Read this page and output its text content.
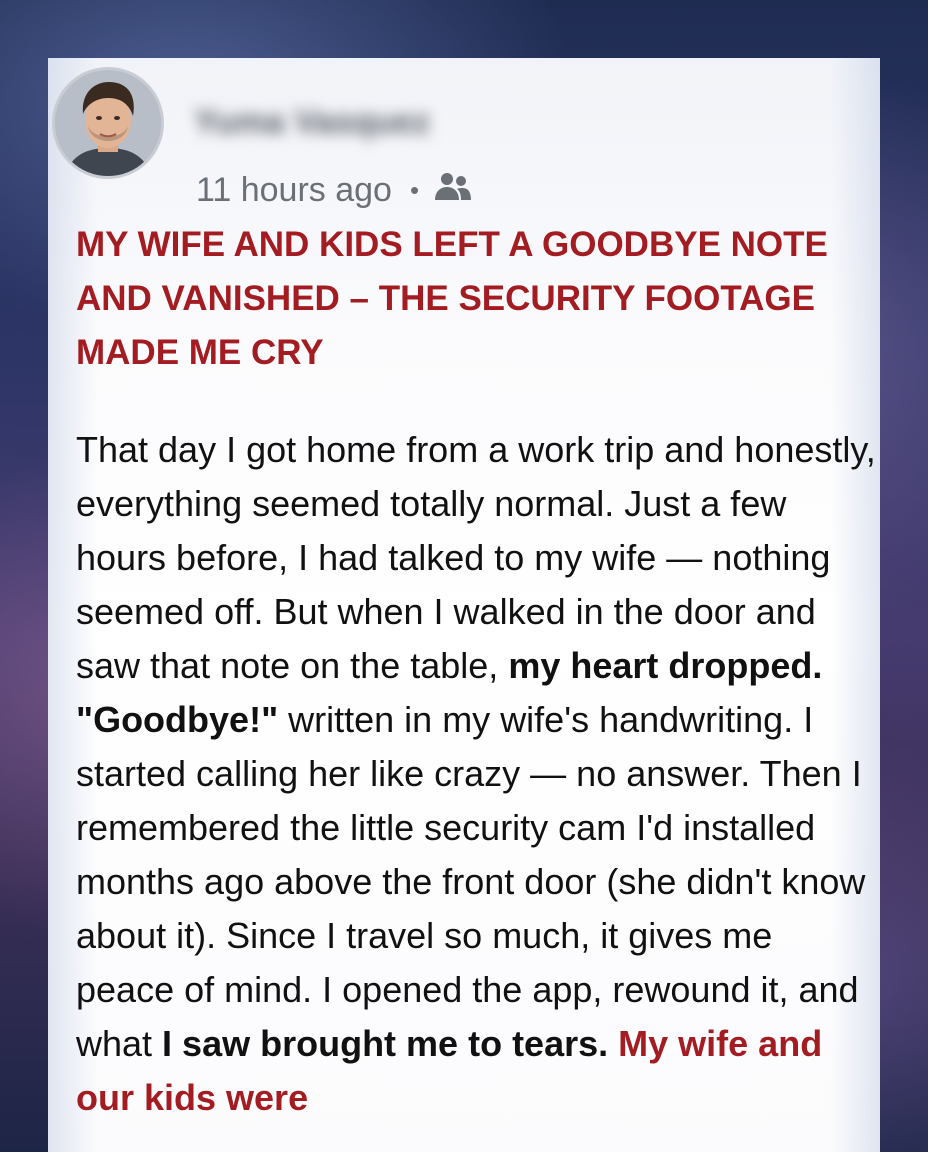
Yuma Vasquez
11 hours ago •
MY WIFE AND KIDS LEFT A GOODBYE NOTE AND VANISHED – THE SECURITY FOOTAGE MADE ME CRY

That day I got home from a work trip and honestly, everything seemed totally normal. Just a few hours before, I had talked to my wife — nothing seemed off. But when I walked in the door and saw that note on the table, my heart dropped. "Goodbye!" written in my wife's handwriting. I started calling her like crazy — no answer. Then I remembered the little security cam I'd installed months ago above the front door (she didn't know about it). Since I travel so much, it gives me peace of mind. I opened the app, rewound it, and what I saw brought me to tears. My wife and our kids were
